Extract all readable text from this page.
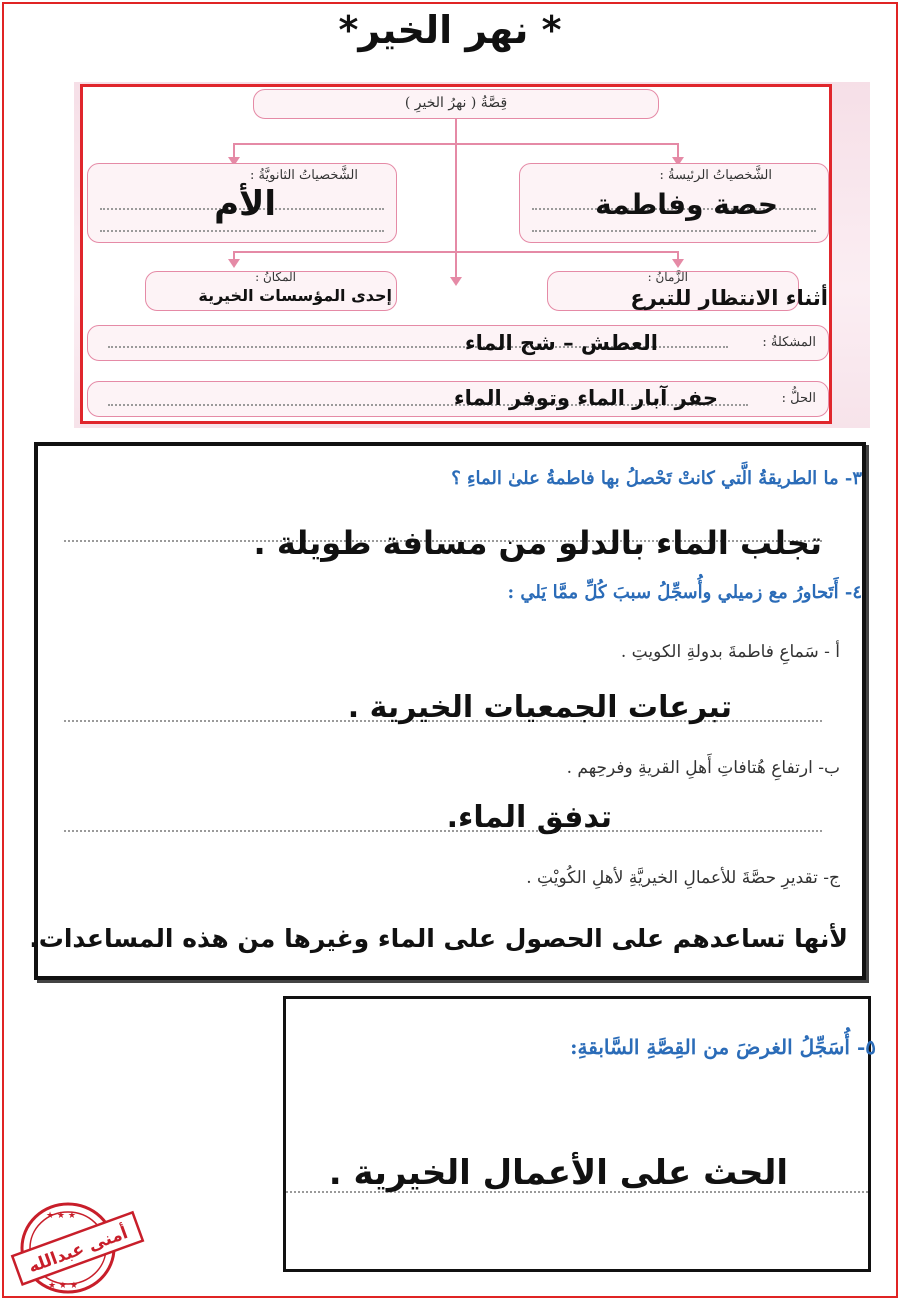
* نهر الخير*
قِصَّةُ ( نهرُ الخيرِ )
الشَّخصياتُ الرئيسةُ :
حصة وفاطمة
الشَّخصياتُ الثانويَّةُ :
الأم
الزَّمانُ :
أثناء الانتظار للتبرع
المكانُ :
إحدى المؤسسات الخيرية
المشكلةُ :
العطش – شح الماء
الحلُّ :
حفر آبار الماء وتوفر الماء
٣- ما الطريقةُ الَّتي كانتْ تَحْصلُ بها فاطمةُ علىٰ الماءِ ؟
تجلب الماء بالدلو من مسافة طويلة .
٤- أَتَحاورُ مع زميلي وأُسجِّلُ سببَ كُلِّ ممَّا يَلي :
أ - سَماعِ فاطمةَ بدولةِ الكويتِ .
تبرعات الجمعيات الخيرية .
ب- ارتفاعِ هُتافاتِ أَهلِ القريةِ وفرحِهم .
تدفق الماء.
ج- تقديرِ حصَّةَ للأعمالِ الخيريَّةِ لأهلِ الكُويْتِ .
لأنها تساعدهم على الحصول على الماء وغيرها من هذه المساعدات.
٥- أُسَجِّلُ الغرضَ من القِصَّةِ السَّابقةِ:
الحث على الأعمال الخيرية .
★ ★ ★
★ ★ ★
أمنى عبدالله
